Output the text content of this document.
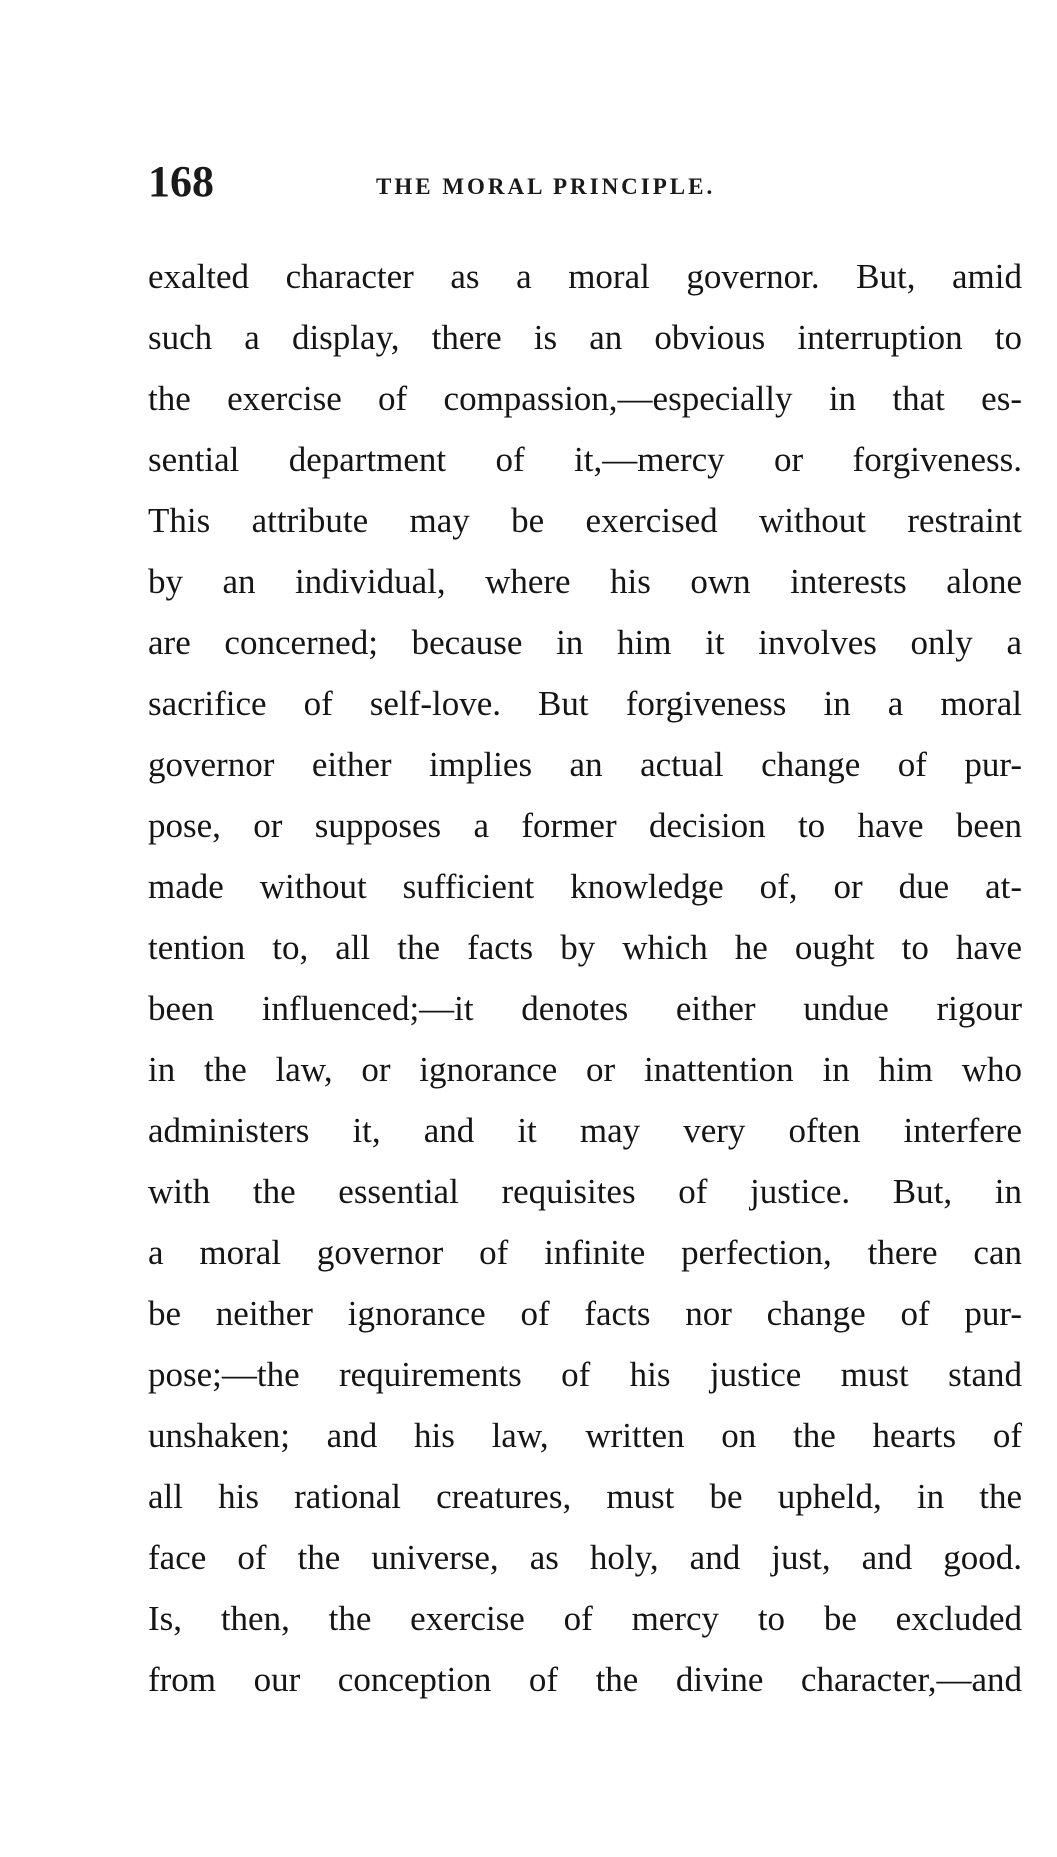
168	THE MORAL PRINCIPLE.
exalted character as a moral governor. But, amid
such a display, there is an obvious interruption to
the exercise of compassion,—especially in that es-
sential department of it,—mercy or forgiveness.
This attribute may be exercised without restraint
by an individual, where his own interests alone
are concerned; because in him it involves only a
sacrifice of self-love. But forgiveness in a moral
governor either implies an actual change of pur-
pose, or supposes a former decision to have been
made without sufficient knowledge of, or due at-
tention to, all the facts by which he ought to have
been influenced;—it denotes either undue rigour
in the law, or ignorance or inattention in him who
administers it, and it may very often interfere
with the essential requisites of justice. But, in
a moral governor of infinite perfection, there can
be neither ignorance of facts nor change of pur-
pose;—the requirements of his justice must stand
unshaken; and his law, written on the hearts of
all his rational creatures, must be upheld, in the
face of the universe, as holy, and just, and good.
Is, then, the exercise of mercy to be excluded
from our conception of the divine character,—and
